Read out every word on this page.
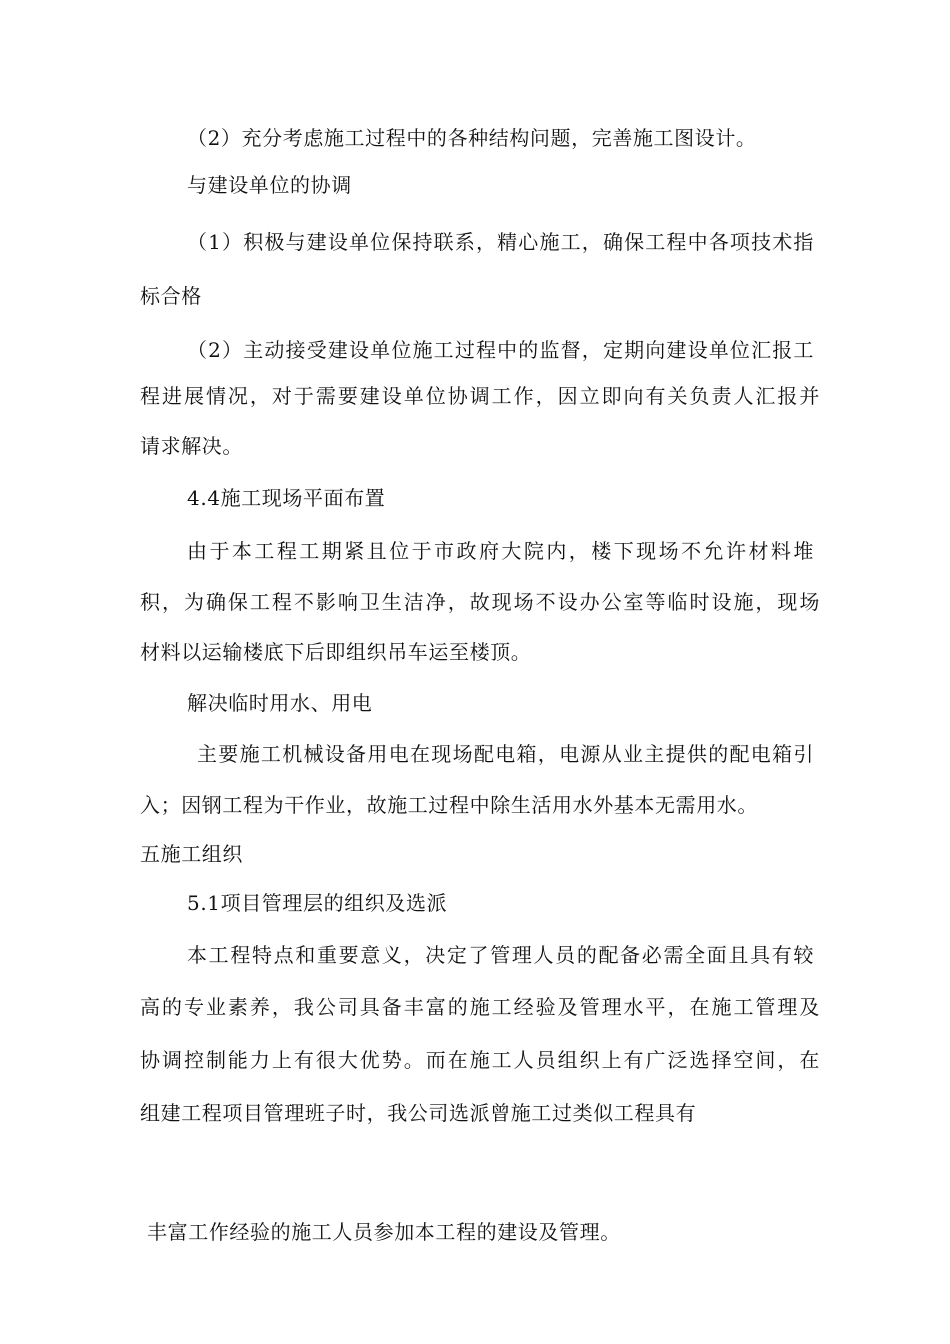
（2）充分考虑施工过程中的各种结构问题，完善施工图设计。
与建设单位的协调
（1）积极与建设单位保持联系，精心施工，确保工程中各项技术指
标合格
（2）主动接受建设单位施工过程中的监督，定期向建设单位汇报工
程进展情况，对于需要建设单位协调工作，因立即向有关负责人汇报并
请求解决。
4.4施工现场平面布置
由于本工程工期紧且位于市政府大院内，楼下现场不允许材料堆
积，为确保工程不影响卫生洁净，故现场不设办公室等临时设施，现场
材料以运输楼底下后即组织吊车运至楼顶。
解决临时用水、用电
主要施工机械设备用电在现场配电箱，电源从业主提供的配电箱引
入；因钢工程为干作业，故施工过程中除生活用水外基本无需用水。
五施工组织
5.1项目管理层的组织及选派
本工程特点和重要意义，决定了管理人员的配备必需全面且具有较
高的专业素养，我公司具备丰富的施工经验及管理水平，在施工管理及
协调控制能力上有很大优势。而在施工人员组织上有广泛选择空间，在
组建工程项目管理班子时，我公司选派曾施工过类似工程具有
丰富工作经验的施工人员参加本工程的建设及管理。
